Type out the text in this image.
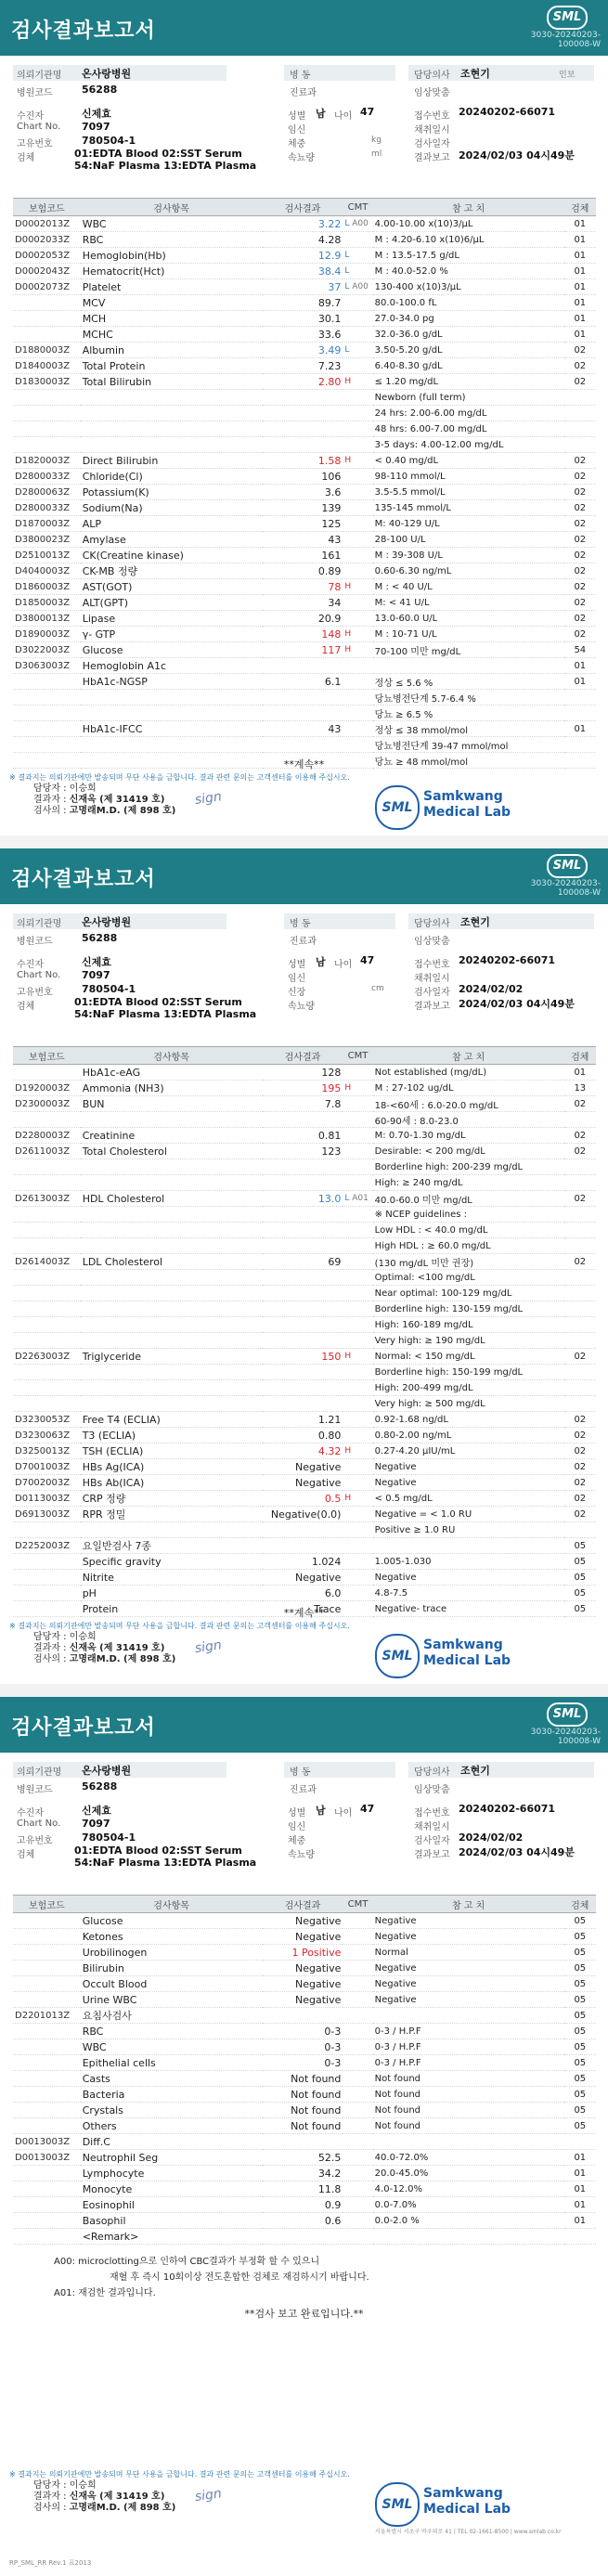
검사결과보고서
SML
3030-20240203-
100008-W
의뢰기관명 온사랑병원
병원코드	56288
수진자	신제효
Chart No. 7097
고유번호	780504-1
검체	01:EDTA Blood 02:SST Serum
54:NaF Plasma 13:EDTA Plasma
병 동
진료과
성별 남 나이 47
임신
체중	kg
속뇨량	ml
담당의사 조현기	인보
임상맞춤
접수번호 20240202-66071
채취일시
검사일자
결과보고 2024/02/03 04시49분
보험코드	검사항목	검사결과	CMT	참 고 치	검체
D0002013Z	WBC	3.22	L A00	4.00-10.00 x(10)3/μL	01
D0002033Z	RBC	4.28		M : 4.20-6.10 x(10)6/μL	01
D0002053Z	Hemoglobin(Hb)	12.9	L	M : 13.5-17.5 g/dL	01
D0002043Z	Hematocrit(Hct)	38.4	L	M : 40.0-52.0 %	01
D0002073Z	Platelet	37	L A00	130-400 x(10)3/μL	01
	MCV	89.7		80.0-100.0 fL	01
	MCH	30.1		27.0-34.0 pg	01
	MCHC	33.6		32.0-36.0 g/dL	01
D1880003Z	Albumin	3.49	L	3.50-5.20 g/dL	02
D1840003Z	Total Protein	7.23		6.40-8.30 g/dL	02
D1830003Z	Total Bilirubin	2.80	H	≤ 1.20 mg/dL	02
				Newborn (full term)	
				24 hrs: 2.00-6.00 mg/dL	
				48 hrs: 6.00-7.00 mg/dL	
				3-5 days: 4.00-12.00 mg/dL	
D1820003Z	Direct Bilirubin	1.58	H	< 0.40 mg/dL	02
D2800033Z	Chloride(Cl)	106		98-110 mmol/L	02
D2800063Z	Potassium(K)	3.6		3.5-5.5 mmol/L	02
D2800033Z	Sodium(Na)	139		135-145 mmol/L	02
D1870003Z	ALP	125		M: 40-129 U/L	02
D3800023Z	Amylase	43		28-100 U/L	02
D2510013Z	CK(Creatine kinase)	161		M : 39-308 U/L	02
D4040003Z	CK-MB 정량	0.89		0.60-6.30 ng/mL	02
D1860003Z	AST(GOT)	78	H	M : < 40 U/L	02
D1850003Z	ALT(GPT)	34		M: < 41 U/L	02
D3800013Z	Lipase	20.9		13.0-60.0 U/L	02
D1890003Z	γ- GTP	148	H	M : 10-71 U/L	02
D3022003Z	Glucose	117	H	70-100 미만 mg/dL	54
D3063003Z	Hemoglobin A1c				01
	HbA1c-NGSP	6.1		정상 ≤ 5.6 %	01
				당뇨병전단계 5.7-6.4 %	
				당뇨 ≥ 6.5 %	
	HbA1c-IFCC	43		정상 ≤ 38 mmol/mol	01
				당뇨병전단계 39-47 mmol/mol	
				당뇨 ≥ 48 mmol/mol	
**계속**
※ 결과지는 의뢰기관에만 발송되며 무단 사용을 금합니다. 결과 관련 문의는 고객센터를 이용해 주십시오.
담당자 : 이승희
결과자 : 신재옥 (제 31419 호)
검사의 : 고명래M.D. (제 898 호)
sign	SML
Samkwang
Medical Lab
검사결과보고서
SML
3030-20240203-
100008-W
의뢰기관명 온사랑병원
병원코드	56288
수진자	신제효
Chart No. 7097
고유번호	780504-1
검체	01:EDTA Blood 02:SST Serum
54:NaF Plasma 13:EDTA Plasma
병 동
진료과
성별 남 나이 47
임신
신장	cm
속뇨량
담당의사 조현기
임상맞춤
접수번호 20240202-66071
채취일시
검사일자 2024/02/02
결과보고 2024/02/03 04시49분
보험코드	검사항목	검사결과	CMT	참 고 치	검체
	HbA1c-eAG	128		Not established (mg/dL)	01
D1920003Z	Ammonia (NH3)	195	H	M : 27-102 ug/dL	13
D2300003Z	BUN	7.8		18-<60세 : 6.0-20.0 mg/dL	02
				60-90세 : 8.0-23.0	
D2280003Z	Creatinine	0.81		M: 0.70-1.30 mg/dL	02
D2611003Z	Total Cholesterol	123		Desirable: < 200 mg/dL	02
				Borderline high: 200-239 mg/dL	
				High: ≥ 240 mg/dL	
D2613003Z	HDL Cholesterol	13.0	L A01	40.0-60.0 미만 mg/dL	02
				※ NCEP guidelines :	
				Low HDL : < 40.0 mg/dL	
				High HDL : ≥ 60.0 mg/dL	
D2614003Z	LDL Cholesterol	69		(130 mg/dL 미만 권장)	02
				Optimal: <100 mg/dL	
				Near optimal: 100-129 mg/dL	
				Borderline high: 130-159 mg/dL	
				High: 160-189 mg/dL	
				Very high: ≥ 190 mg/dL	
D2263003Z	Triglyceride	150	H	Normal: < 150 mg/dL	02
				Borderline high: 150-199 mg/dL	
				High: 200-499 mg/dL	
				Very high: ≥ 500 mg/dL	
D3230053Z	Free T4 (ECLIA)	1.21		0.92-1.68 ng/dL	02
D3230063Z	T3 (ECLIA)	0.80		0.80-2.00 ng/mL	02
D3250013Z	TSH (ECLIA)	4.32	H	0.27-4.20 μIU/mL	02
D7001003Z	HBs Ag(ICA)	Negative		Negative	02
D7002003Z	HBs Ab(ICA)	Negative		Negative	02
D0113003Z	CRP 정량	0.5	H	< 0.5 mg/dL	02
D6913003Z	RPR 정밀	Negative(0.0)		Negative = < 1.0 RU	02
				Positive ≥ 1.0 RU	
D2252003Z	요일반검사 7종				05
	Specific gravity	1.024		1.005-1.030	05
	Nitrite	Negative		Negative	05
	pH	6.0		4.8-7.5	05
	Protein	Trace		Negative- trace	05
**계속**
※ 결과지는 의뢰기관에만 발송되며 무단 사용을 금합니다. 결과 관련 문의는 고객센터를 이용해 주십시오.
담당자 : 이승희
결과자 : 신재옥 (제 31419 호)
검사의 : 고명래M.D. (제 898 호)
sign	SML
Samkwang
Medical Lab
검사결과보고서
SML
3030-20240203-
100008-W
의뢰기관명 온사랑병원
병원코드	56288
수진자	신제효
Chart No. 7097
고유번호	780504-1
검체	01:EDTA Blood 02:SST Serum
54:NaF Plasma 13:EDTA Plasma
병 동
진료과
성별 남 나이 47
임신
체중
속뇨량
담당의사 조현기
임상맞춤
접수번호 20240202-66071
채취일시
검사일자 2024/02/02
결과보고 2024/02/03 04시49분
보험코드	검사항목	검사결과	CMT	참 고 치	검체
	Glucose	Negative		Negative	05
	Ketones	Negative		Negative	05
	Urobilinogen	1 Positive		Normal	05
	Bilirubin	Negative		Negative	05
	Occult Blood	Negative		Negative	05
	Urine WBC	Negative		Negative	05
D2201013Z	요침사검사				05
	RBC	0-3		0-3 / H.P.F	05
	WBC	0-3		0-3 / H.P.F	05
	Epithelial cells	0-3		0-3 / H.P.F	05
	Casts	Not found		Not found	05
	Bacteria	Not found		Not found	05
	Crystals	Not found		Not found	05
	Others	Not found		Not found	05
D0013003Z	Diff.C				
D0013003Z	Neutrophil Seg	52.5		40.0-72.0%	01
	Lymphocyte	34.2		20.0-45.0%	01
	Monocyte	11.8		4.0-12.0%	01
	Eosinophil	0.9		0.0-7.0%	01
	Basophil	0.6		0.0-2.0 %	01
	<Remark>				
A00: microclotting으로 인하여 CBC결과가 부정확 할 수 있으니
재혈 후 즉시 10회이상 전도혼합한 검체로 재검하시기 바랍니다.
A01: 재검한 결과입니다.
**검사 보고 완료입니다.**
※ 결과지는 의뢰기관에만 발송되며 무단 사용을 금합니다. 결과 관련 문의는 고객센터를 이용해 주십시오.
담당자 : 이승희
결과자 : 신재옥 (제 31419 호)
검사의 : 고명래M.D. (제 898 호)
sign	SML
Samkwang
Medical Lab
서울특별시 서초구 바우뫼로 41 | TEL 02-1661-8500 | www.smlab.co.kr
RP_SML_RR Rev.1 표2013
